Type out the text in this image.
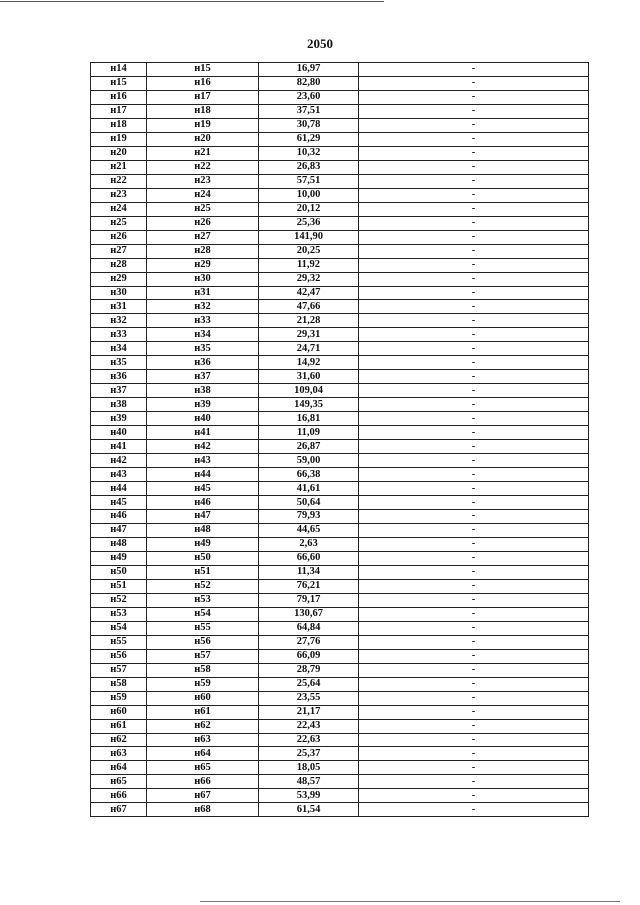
2050
н14	н15	16,97	-
н15	н16	82,80	-
н16	н17	23,60	-
н17	н18	37,51	-
н18	н19	30,78	-
н19	н20	61,29	-
н20	н21	10,32	-
н21	н22	26,83	-
н22	н23	57,51	-
н23	н24	10,00	-
н24	н25	20,12	-
н25	н26	25,36	-
н26	н27	141,90	-
н27	н28	20,25	-
н28	н29	11,92	-
н29	н30	29,32	-
н30	н31	42,47	-
н31	н32	47,66	-
н32	н33	21,28	-
н33	н34	29,31	-
н34	н35	24,71	-
н35	н36	14,92	-
н36	н37	31,60	-
н37	н38	109,04	-
н38	н39	149,35	-
н39	н40	16,81	-
н40	н41	11,09	-
н41	н42	26,87	-
н42	н43	59,00	-
н43	н44	66,38	-
н44	н45	41,61	-
н45	н46	50,64	-
н46	н47	79,93	-
н47	н48	44,65	-
н48	н49	2,63	-
н49	н50	66,60	-
н50	н51	11,34	-
н51	н52	76,21	-
н52	н53	79,17	-
н53	н54	130,67	-
н54	н55	64,84	-
н55	н56	27,76	-
н56	н57	66,09	-
н57	н58	28,79	-
н58	н59	25,64	-
н59	н60	23,55	-
н60	н61	21,17	-
н61	н62	22,43	-
н62	н63	22,63	-
н63	н64	25,37	-
н64	н65	18,05	-
н65	н66	48,57	-
н66	н67	53,99	-
н67	н68	61,54	-
